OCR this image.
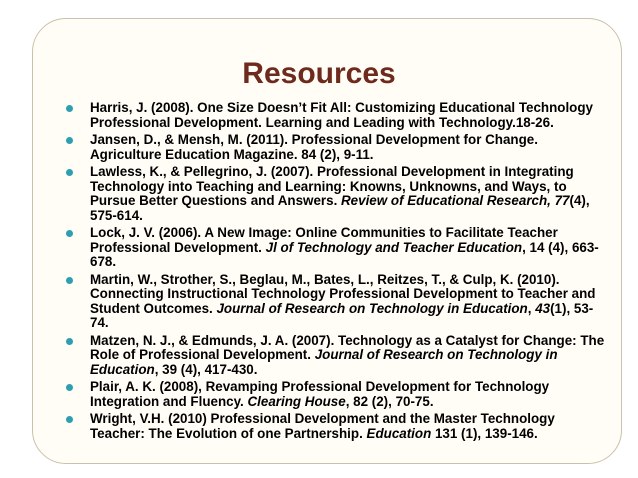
Resources
Harris, J. (2008). One Size Doesn’t Fit All: Customizing Educational Technology Professional Development. Learning and Leading with Technology.18-26.
Jansen, D., & Mensh, M. (2011). Professional Development for Change. Agriculture Education Magazine. 84 (2), 9-11.
Lawless, K., & Pellegrino, J. (2007). Professional Development in Integrating Technology into Teaching and Learning: Knowns, Unknowns, and Ways, to Pursue Better Questions and Answers. Review of Educational Research, 77(4), 575-614.
Lock, J. V. (2006). A New Image: Online Communities to Facilitate Teacher Professional Development. Jl of Technology and Teacher Education, 14 (4), 663-678.
Martin, W., Strother, S., Beglau, M., Bates, L., Reitzes, T., & Culp, K. (2010). Connecting Instructional Technology Professional Development to Teacher and Student Outcomes. Journal of Research on Technology in Education, 43(1), 53-74.
Matzen, N. J., & Edmunds, J. A. (2007). Technology as a Catalyst for Change: The Role of Professional Development. Journal of Research on Technology in Education, 39 (4), 417-430.
Plair, A. K. (2008), Revamping Professional Development for Technology Integration and Fluency. Clearing House, 82 (2), 70-75.
Wright, V.H. (2010) Professional Development and the Master Technology Teacher: The Evolution of one Partnership. Education 131 (1), 139-146.
